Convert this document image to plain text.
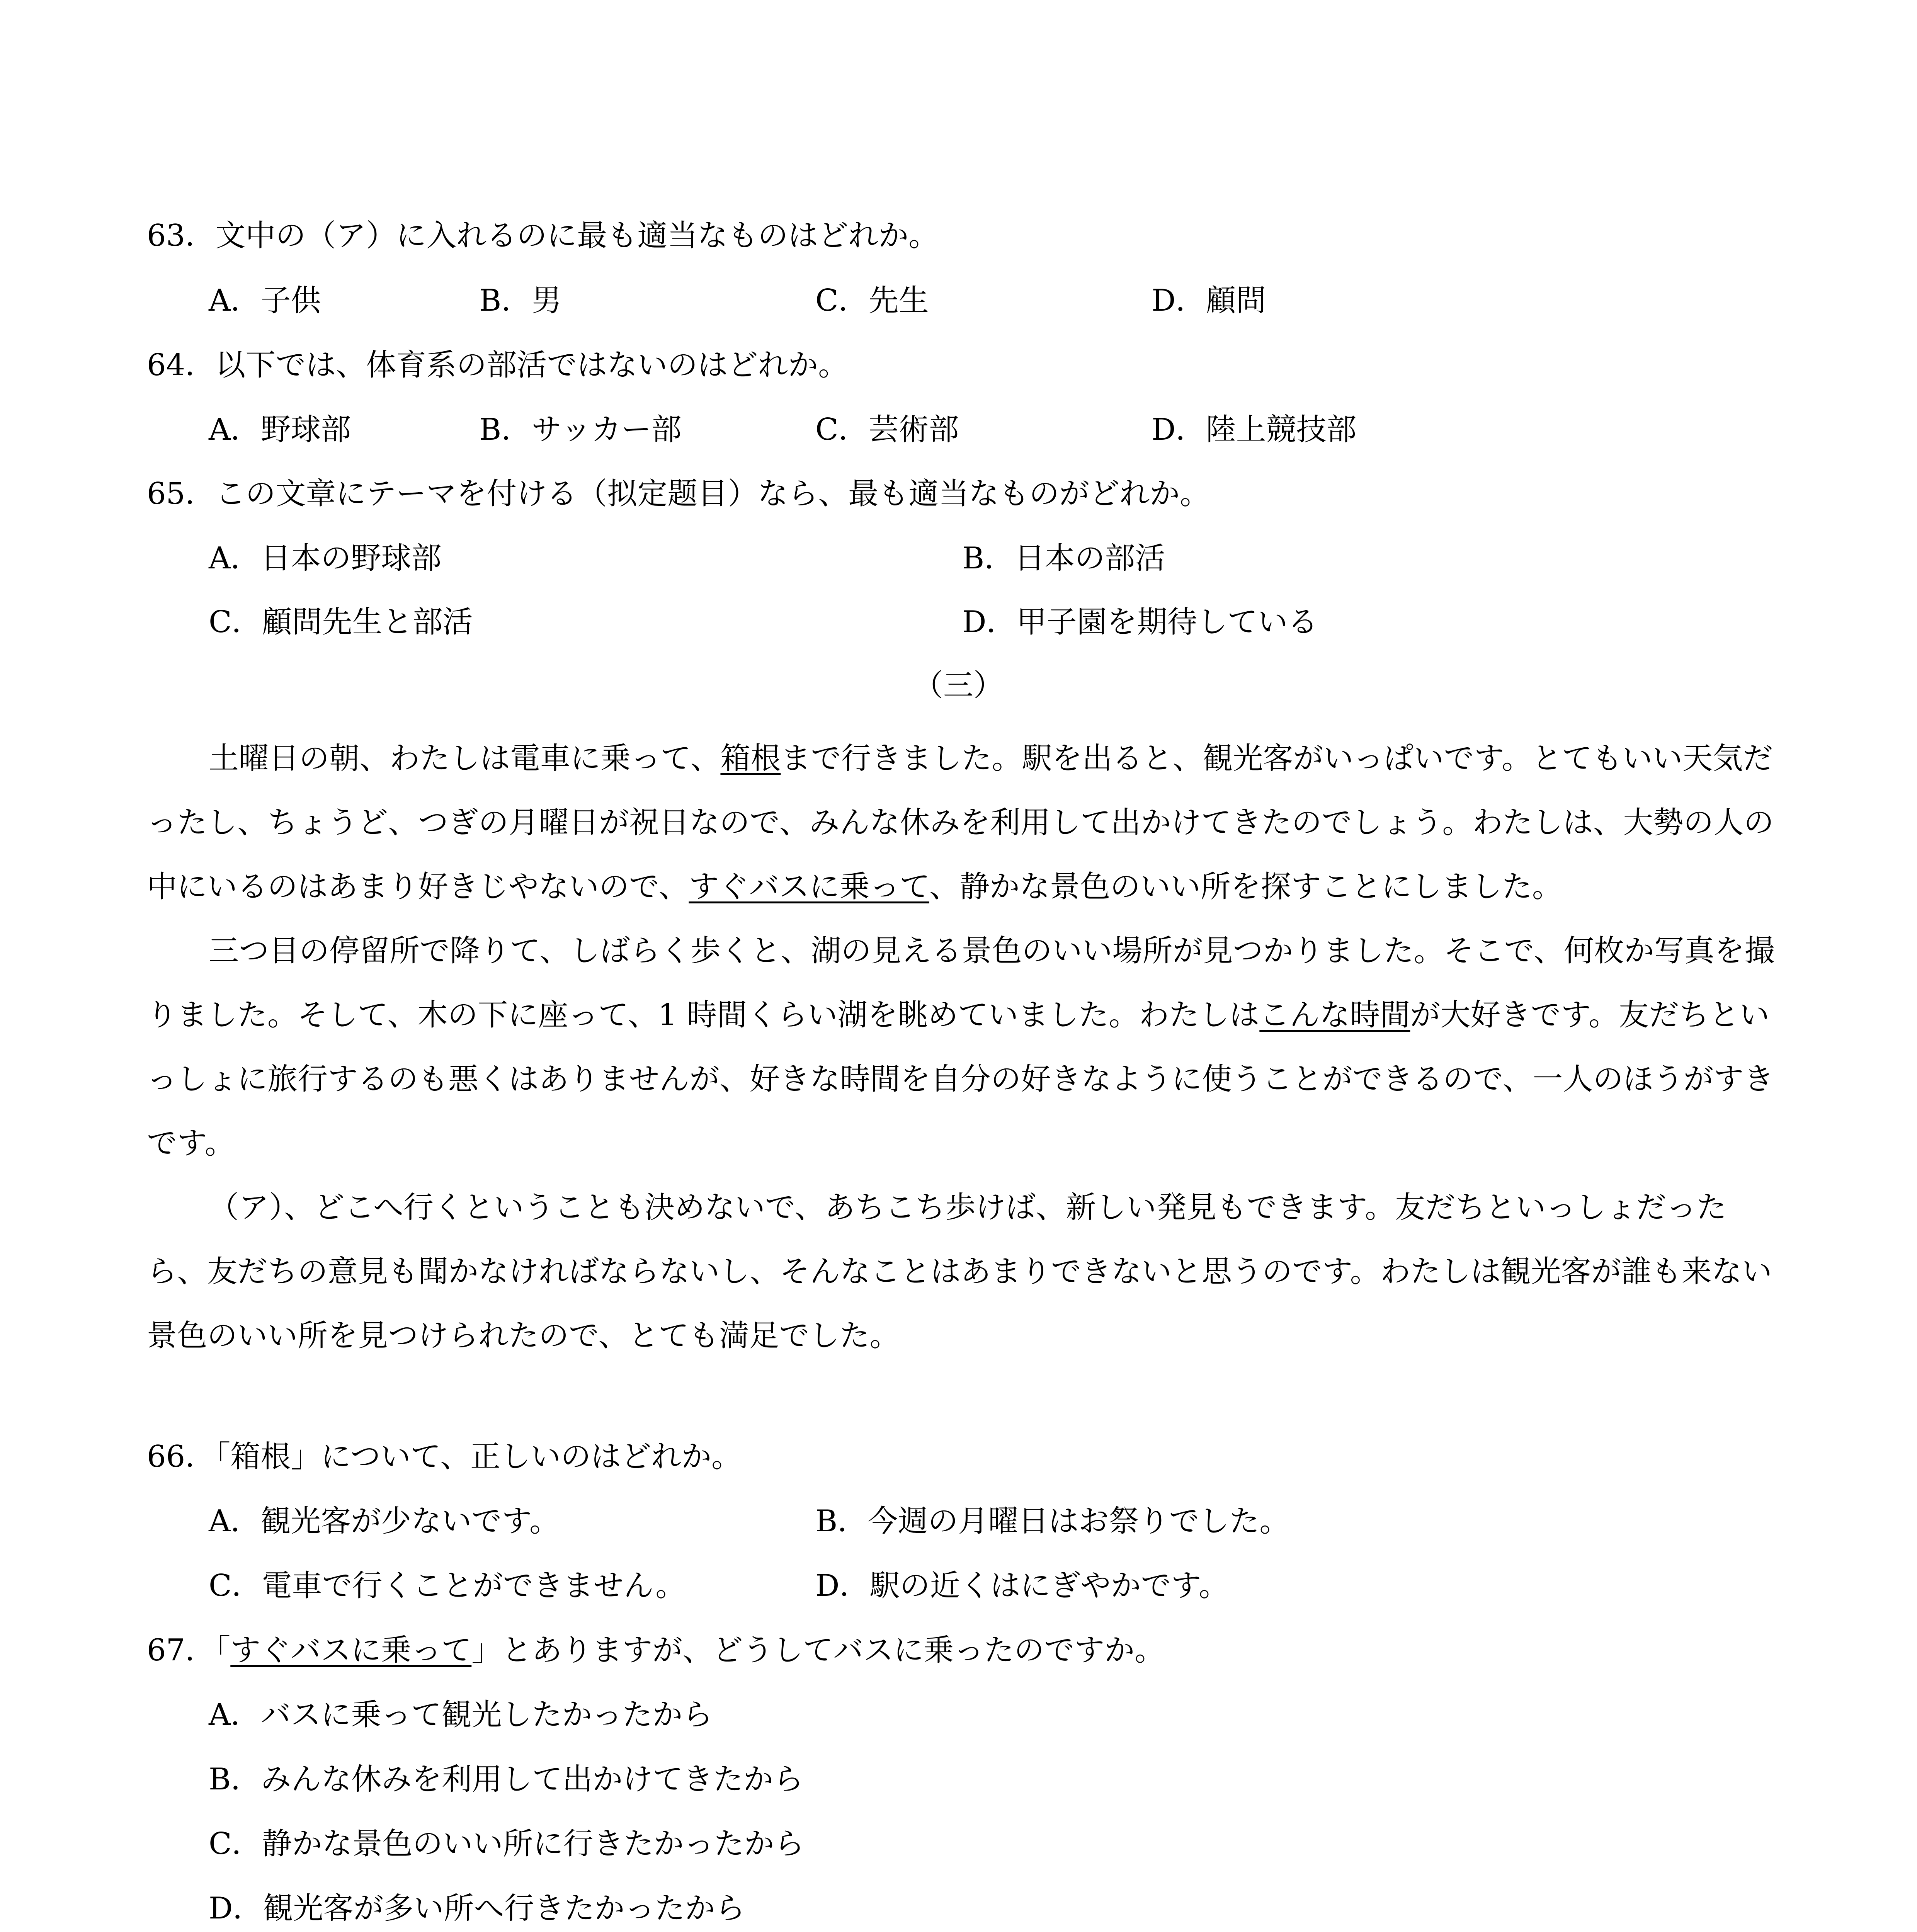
63．文中の（ア）に入れるのに最も適当なものはどれか。
A．子供	B．男	C．先生	D．顧問
64．以下では、体育系の部活ではないのはどれか。
A．野球部	B．サッカー部	C．芸術部	D．陸上競技部
65．この文章にテーマを付ける（拟定题目）なら、最も適当なものがどれか。
A．日本の野球部	B．日本の部活
C．顧問先生と部活	D．甲子園を期待している
（三）

土曜日の朝、わたしは電車に乗って、箱根まで行きました。駅を出ると、観光客がいっぱいです。とてもいい天気だったし、ちょうど、つぎの月曜日が祝日なので、みんな休みを利用して出かけてきたのでしょう。わたしは、大勢の人の中にいるのはあまり好きじやないので、すぐバスに乗って、静かな景色のいい所を探すことにしました。

三つ目の停留所で降りて、しばらく歩くと、湖の見える景色のいい場所が見つかりました。そこで、何枚か写真を撮りました。そして、木の下に座って、1 時間くらい湖を眺めていました。わたしはこんな時間が大好きです。友だちといっしょに旅行するのも悪くはありませんが、好きな時間を自分の好きなように使うことができるので、一人のほうがすきです。

（ア）、どこへ行くということも決めないで、あちこち歩けば、新しい発見もできます。友だちといっしょだったら、友だちの意見も聞かなければならないし、そんなことはあまりできないと思うのです。わたしは観光客が誰も来ない景色のいい所を見つけられたので、とても満足でした。

66．「箱根」について、正しいのはどれか。
A．観光客が少ないです。	B．今週の月曜日はお祭りでした。
C．電車で行くことができません。	D．駅の近くはにぎやかです。
67．「すぐバスに乗って」とありますが、どうしてバスに乗ったのですか。
A．バスに乗って観光したかったから
B．みんな休みを利用して出かけてきたから
C．静かな景色のいい所に行きたかったから
D．観光客が多い所へ行きたかったから
